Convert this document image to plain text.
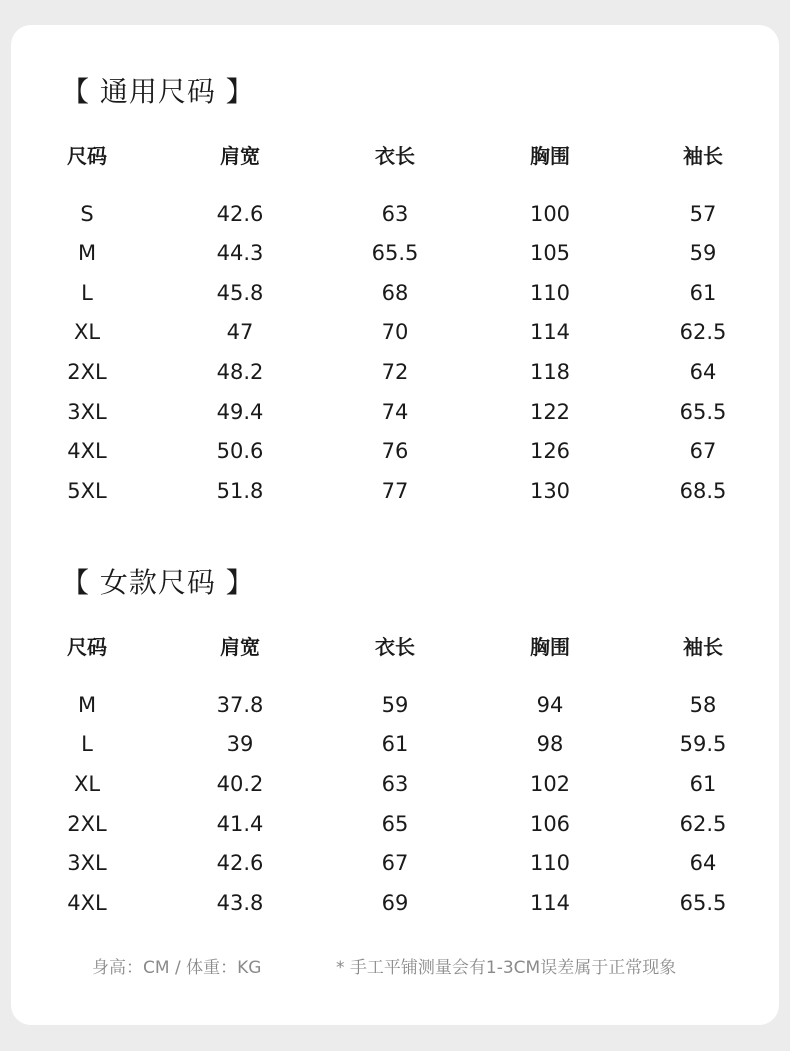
【 通用尺码 】
尺码	肩宽	衣长	胸围	袖长
S	42.6	63	100	57
M	44.3	65.5	105	59
L	45.8	68	110	61
XL	47	70	114	62.5
2XL	48.2	72	118	64
3XL	49.4	74	122	65.5
4XL	50.6	76	126	67
5XL	51.8	77	130	68.5
【 女款尺码 】
尺码	肩宽	衣长	胸围	袖长
M	37.8	59	94	58
L	39	61	98	59.5
XL	40.2	63	102	61
2XL	41.4	65	106	62.5
3XL	42.6	67	110	64
4XL	43.8	69	114	65.5
身高：CM / 体重：KG	* 手工平铺测量会有1-3CM误差属于正常现象
